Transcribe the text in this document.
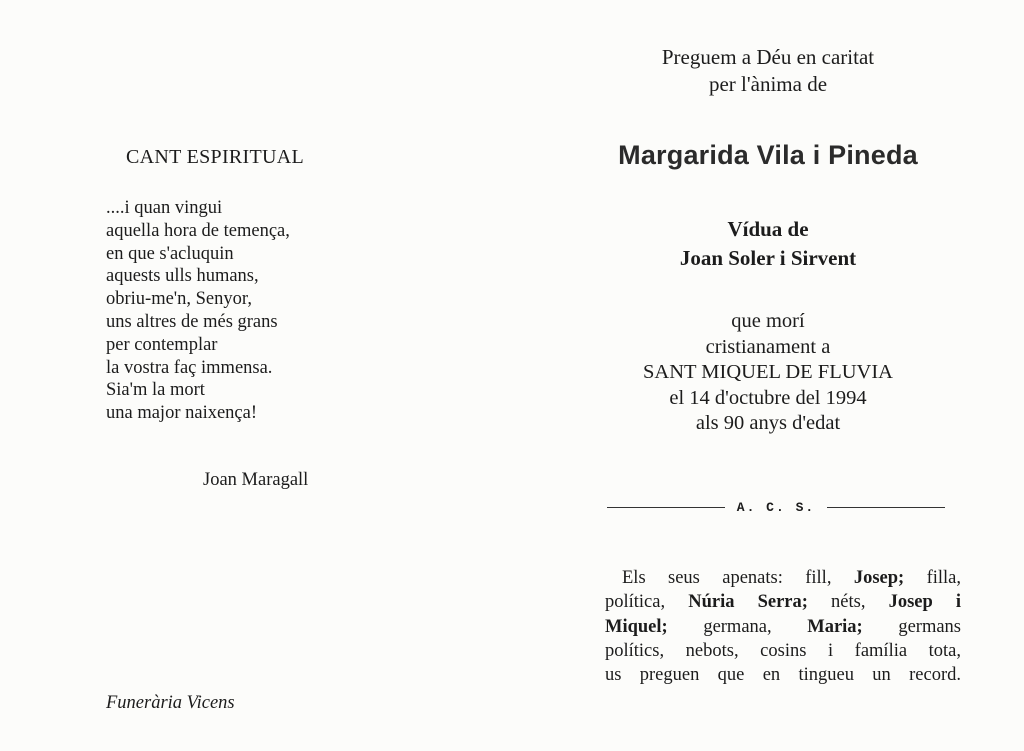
CANT ESPIRITUAL
....i quan vingui
aquella hora de temença,
en que s'acluquin
aquests ulls humans,
obriu-me'n, Senyor,
uns altres de més grans
per contemplar
la vostra faç immensa.
Sia'm la mort
una major naixença!
Joan Maragall
Funerària Vicens
Preguem a Déu en caritat
per l'ànima de
Margarida Vila i Pineda
Vídua de
Joan Soler i Sirvent
que morí
cristianament a
SANT MIQUEL DE FLUVIA
el 14 d'octubre del 1994
als 90 anys d'edat
A. C. S.
Els seus apenats: fill, Josep; filla,
política, Núria Serra; néts, Josep i
Miquel; germana, Maria; germans
polítics, nebots, cosins i família tota,
us preguen que en tingueu un record.
